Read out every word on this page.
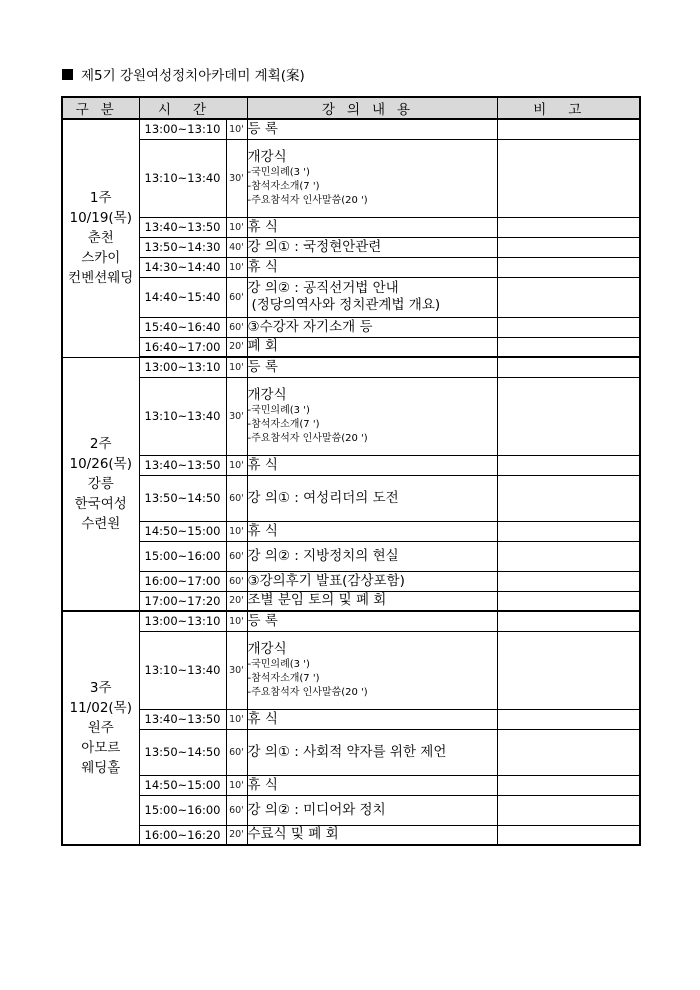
제5기 강원여성정치아카데미 계획(案)
구분	시간		강의내용	비고

1주
10/19(목)
춘천
스카이
컨벤션웨딩	13:00~13:10	10'	등 록	

	13:10~13:40	30'	개강식
-국민의례(3 ')
-참석자소개(7 ')
-주요참석자 인사말씀(20 ')	

	13:40~13:50	10'	휴 식	

	13:50~14:30	40'	강 의① : 국정현안관련	

	14:30~14:40	10'	휴 식	

	14:40~15:40	60'	강 의② : 공직선거법 안내
(정당의역사와 정치관계법 개요)	

	15:40~16:40	60'	③수강자 자기소개 등	

	16:40~17:00	20'	폐 회	

2주
10/26(목)
강릉
한국여성
수련원	13:00~13:10	10'	등 록	

	13:10~13:40	30'	개강식
-국민의례(3 ')
-참석자소개(7 ')
-주요참석자 인사말씀(20 ')	

	13:40~13:50	10'	휴 식	

	13:50~14:50	60'	강 의① : 여성리더의 도전	

	14:50~15:00	10'	휴 식	

	15:00~16:00	60'	강 의② : 지방정치의 현실	

	16:00~17:00	60'	③강의후기 발표(감상포함)	

	17:00~17:20	20'	조별 분임 토의 및 폐 회	

3주
11/02(목)
원주
아모르
웨딩홀	13:00~13:10	10'	등 록	

	13:10~13:40	30'	개강식
-국민의례(3 ')
-참석자소개(7 ')
-주요참석자 인사말씀(20 ')	

	13:40~13:50	10'	휴 식	

	13:50~14:50	60'	강 의① : 사회적 약자를 위한 제언	

	14:50~15:00	10'	휴 식	

	15:00~16:00	60'	강 의② : 미디어와 정치	

	16:00~16:20	20'	수료식 및 폐 회	
